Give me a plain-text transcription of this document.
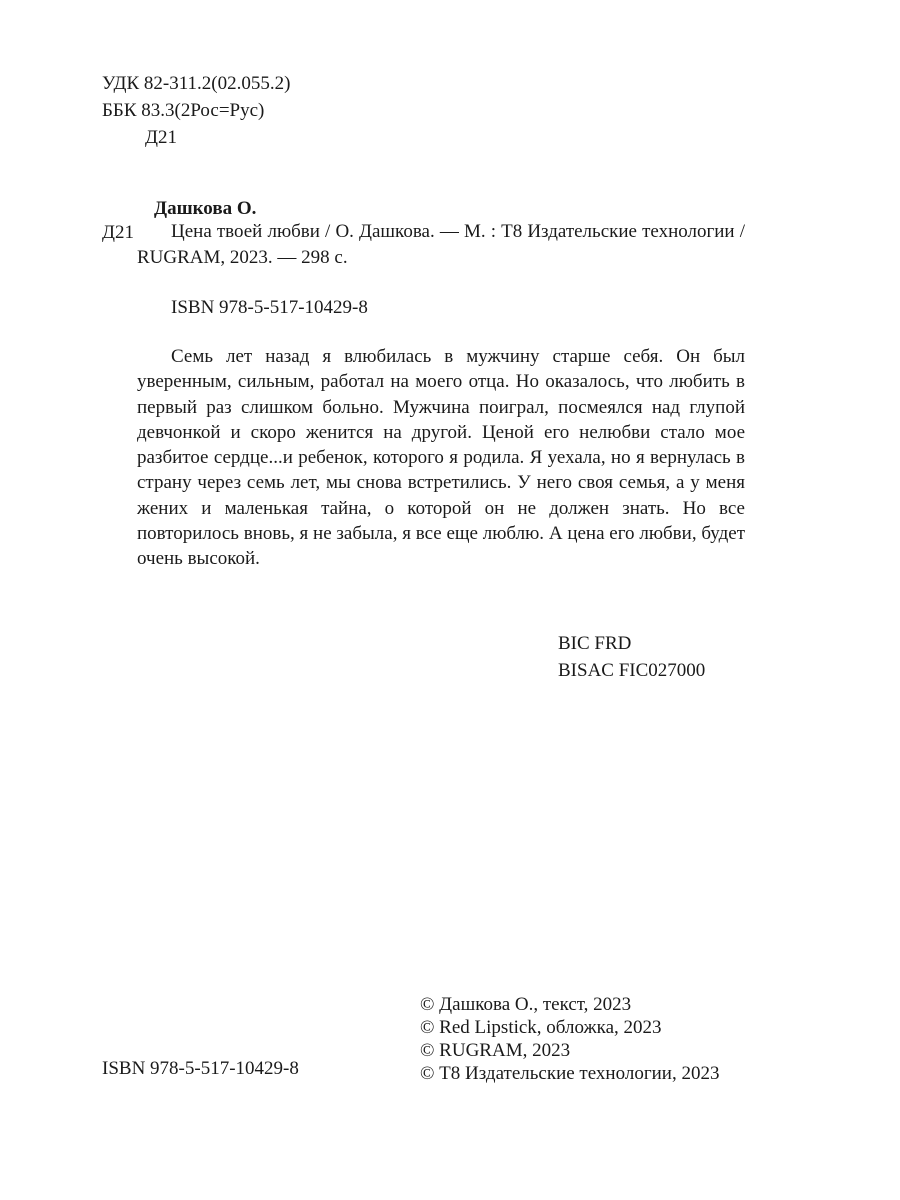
УДК 82-311.2(02.055.2)
ББК 83.3(2Рос=Рус)
Д21
Дашкова О.
Д21	Цена твоей любви / О. Дашкова. — М. : Т8 Издательские технологии / RUGRAM, 2023. — 298 с.
ISBN 978-5-517-10429-8
Семь лет назад я влюбилась в мужчину старше себя. Он был уверенным, сильным, работал на моего отца. Но оказалось, что любить в первый раз слишком больно. Мужчина поиграл, посмеялся над глупой девчонкой и скоро женится на другой. Ценой его нелюбви стало мое разбитое сердце...и ребенок, которого я родила. Я уехала, но я вернулась в страну через семь лет, мы снова встретились. У него своя семья, а у меня жених и маленькая тайна, о которой он не должен знать. Но все повторилось вновь, я не забыла, я все еще люблю. А цена его любви, будет очень высокой.
BIC FRD
BISAC FIC027000
ISBN 978-5-517-10429-8
© Дашкова О., текст, 2023
© Red Lipstick, обложка, 2023
© RUGRAM, 2023
© Т8 Издательские технологии, 2023
